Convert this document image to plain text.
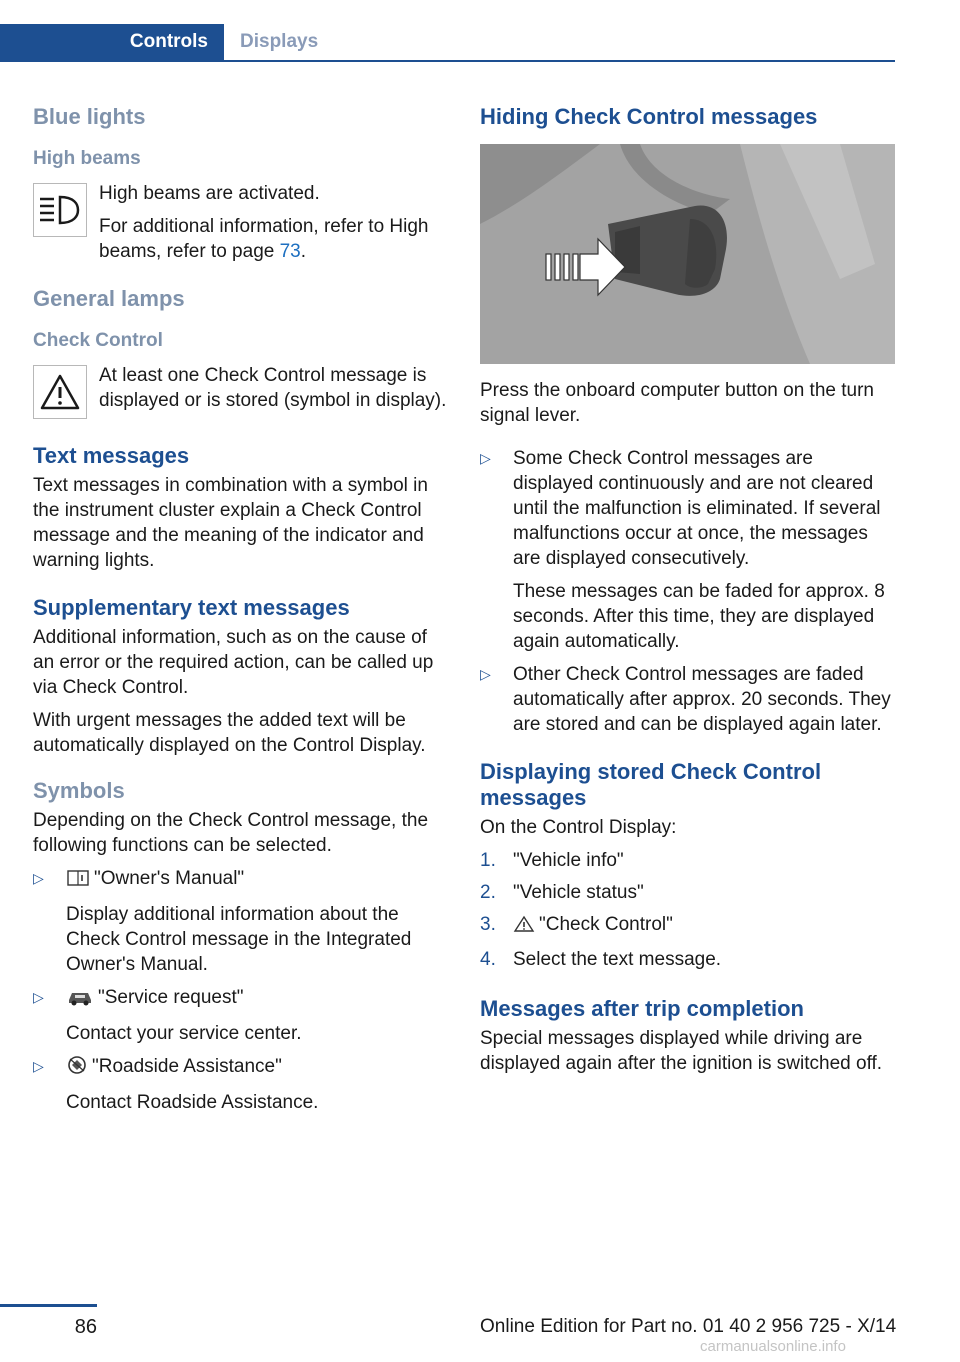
Controls Displays
Blue lights
High beams

High beams are activated.

For additional information, refer to High beams, refer to page 73.

General lamps
Check Control

At least one Check Control message is displayed or is stored (symbol in display).

Text messages

Text messages in combination with a symbol in the instrument cluster explain a Check Control message and the meaning of the indicator and warning lights.

Supplementary text messages

Additional information, such as on the cause of an error or the required action, can be called up via Check Control.

With urgent messages the added text will be automatically displayed on the Control Display.

Symbols

Depending on the Check Control message, the following functions can be selected.

▷	"Owner's Manual"

Display additional information about the Check Control message in the Integrated Owner's Manual.

▷	"Service request"

Contact your service center.

▷	"Roadside Assistance"

Contact Roadside Assistance.

Hiding Check Control messages

Press the onboard computer button on the turn signal lever.

▷	Some Check Control messages are displayed continuously and are not cleared until the malfunction is eliminated. If several malfunctions occur at once, the messages are displayed consecutively.

These messages can be faded for approx. 8 seconds. After this time, they are displayed again automatically.

▷	Other Check Control messages are faded automatically after approx. 20 seconds. They are stored and can be displayed again later.

Displaying stored Check Control messages

On the Control Display:

1. "Vehicle info"
2. "Vehicle status"
3.	"Check Control"
4. Select the text message.
Messages after trip completion

Special messages displayed while driving are displayed again after the ignition is switched off.

86	Online Edition for Part no. 01 40 2 956 725 - X/14
carmanualsonline.info
